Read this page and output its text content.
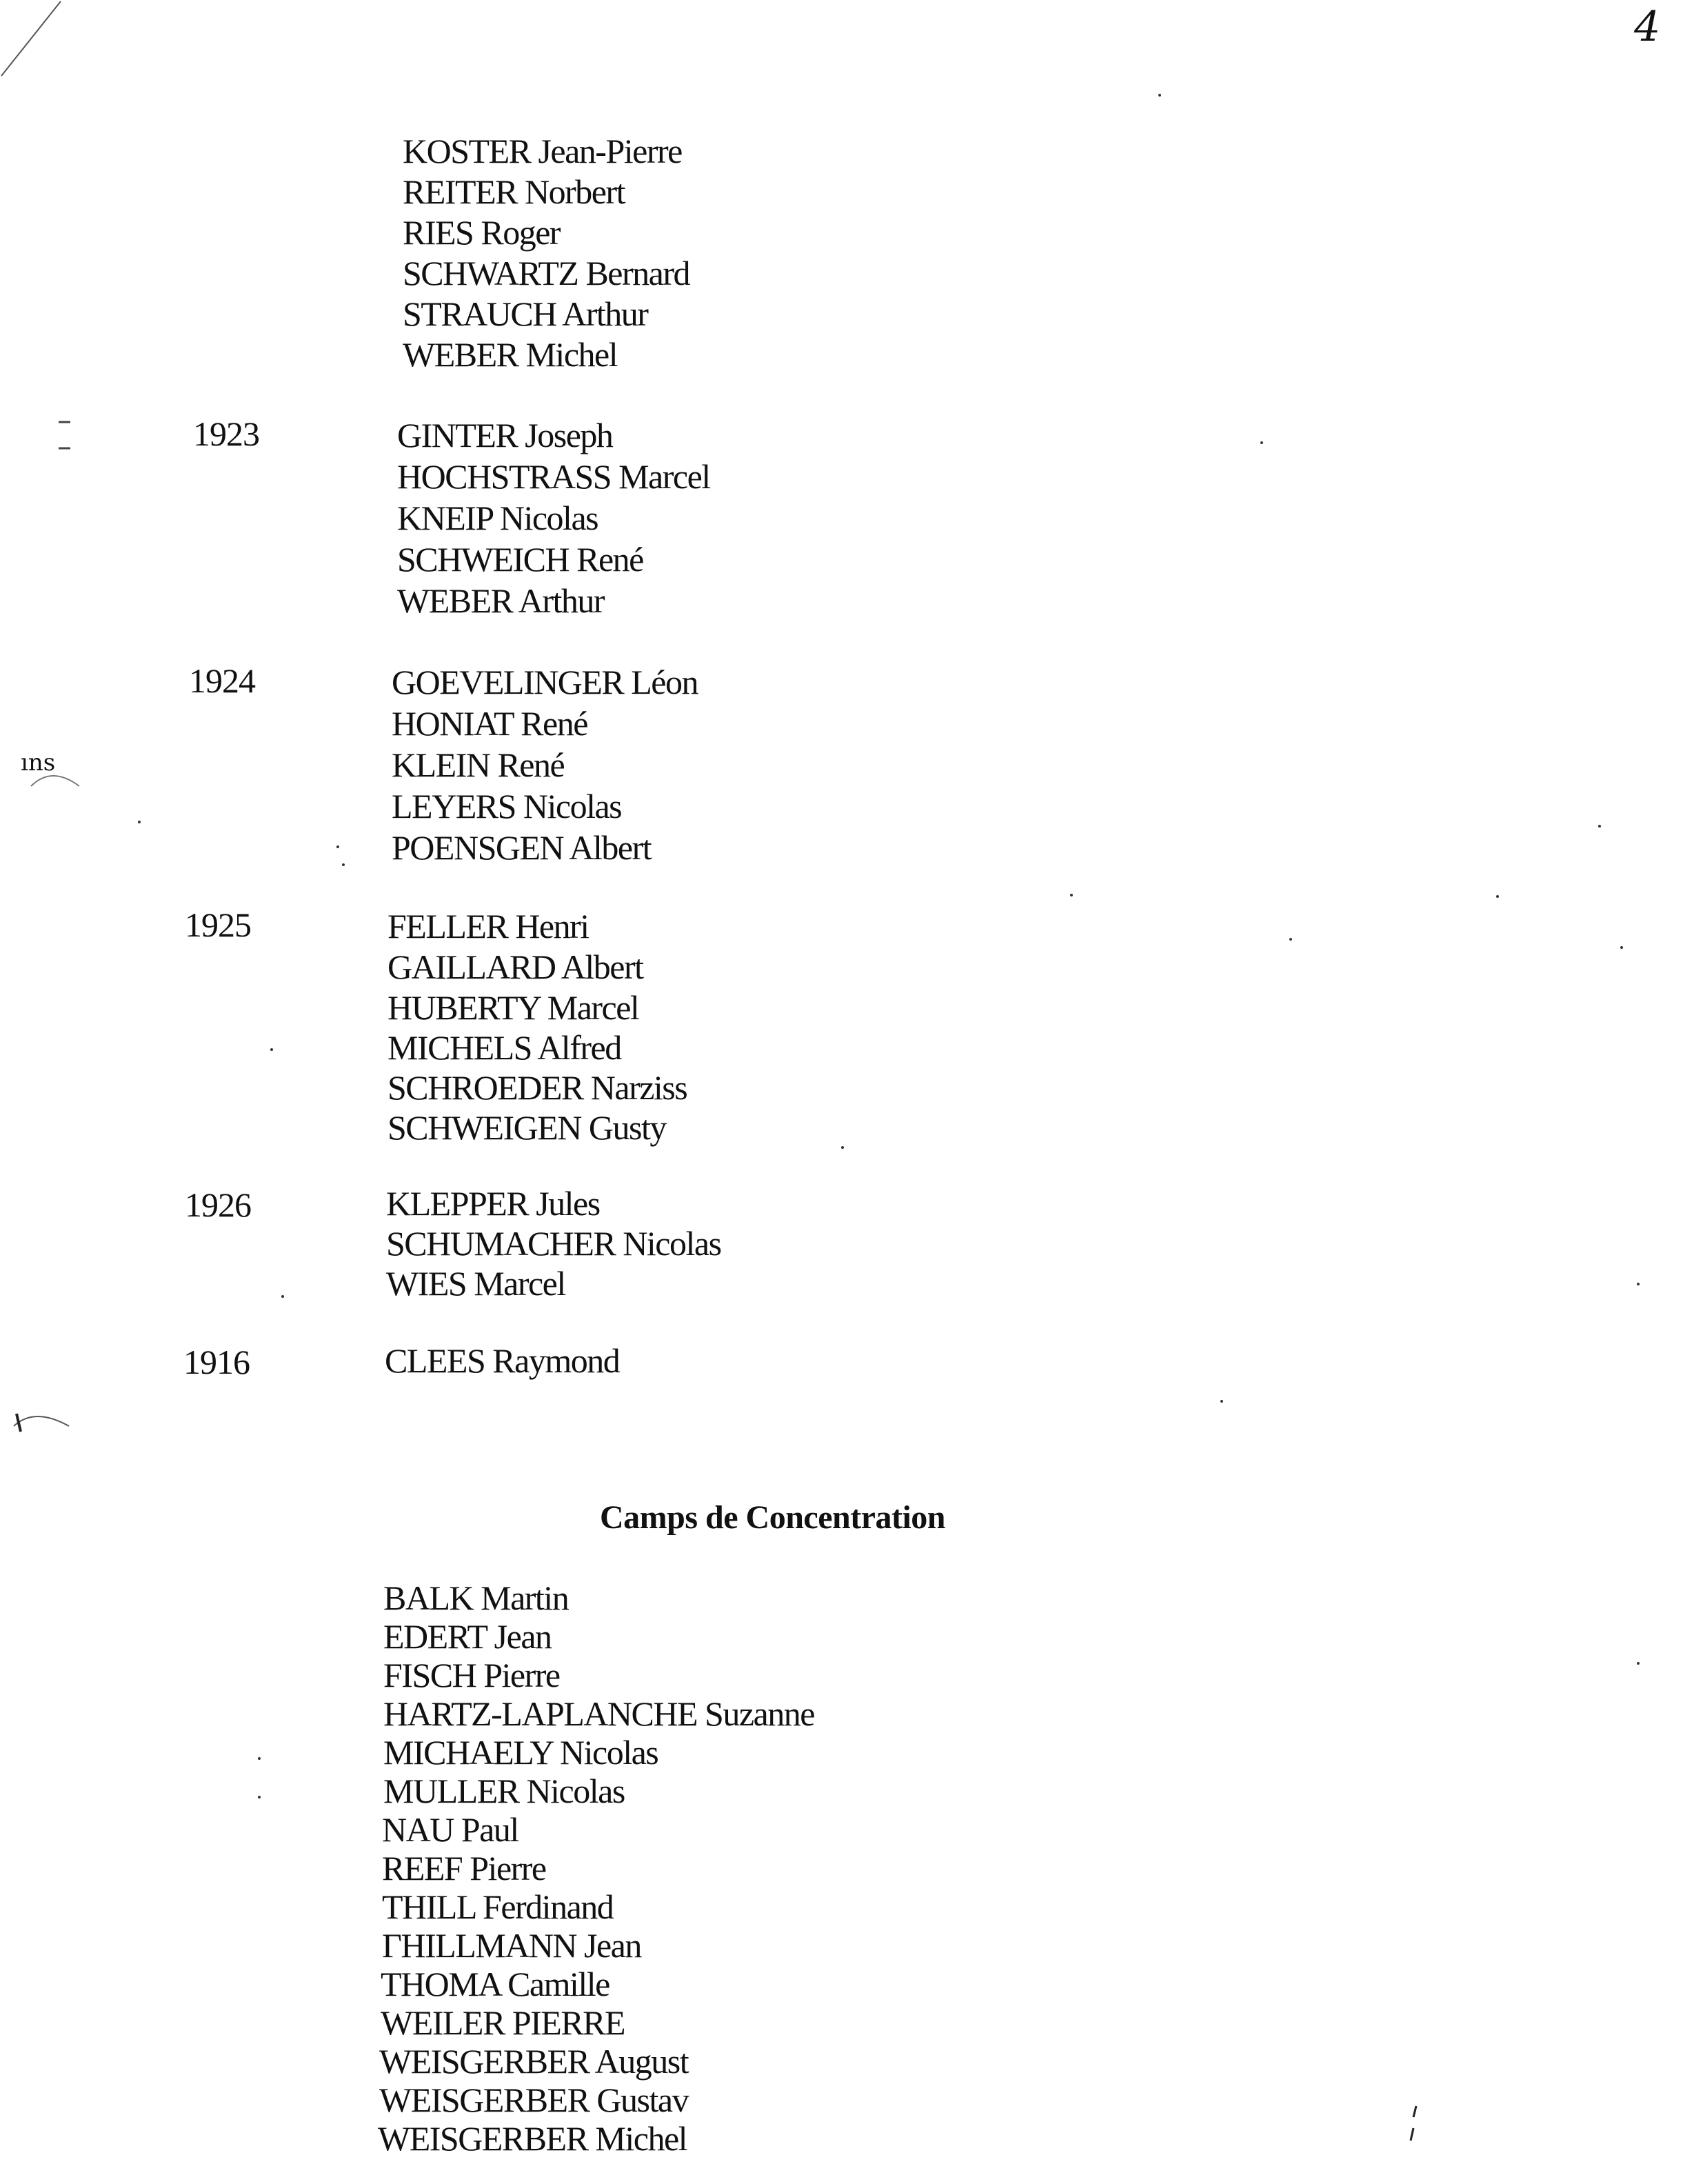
4
KOSTER Jean-Pierre
REITER Norbert
RIES Roger
SCHWARTZ Bernard
STRAUCH Arthur
WEBER Michel
1923	GINTER Joseph
HOCHSTRASS Marcel
KNEIP Nicolas
SCHWEICH René
WEBER Arthur
1924	GOEVELINGER Léon
HONIAT René
KLEIN René
LEYERS Nicolas
POENSGEN Albert
1925	FELLER Henri
GAILLARD Albert
HUBERTY Marcel
MICHELS Alfred
SCHROEDER Narziss
SCHWEIGEN Gusty
1926	KLEPPER Jules
SCHUMACHER Nicolas
WIES Marcel
1916	CLEES Raymond
Camps de Concentration
BALK Martin
EDERT Jean
FISCH Pierre
HARTZ-LAPLANCHE Suzanne
MICHAELY Nicolas
MULLER Nicolas
NAU Paul
REEF Pierre
THILL Ferdinand
ΓHILLMANN Jean
THOMA Camille
WEILER PIERRE
WEISGERBER August
WEISGERBER Gustav
WEISGERBER Michel
ıns
